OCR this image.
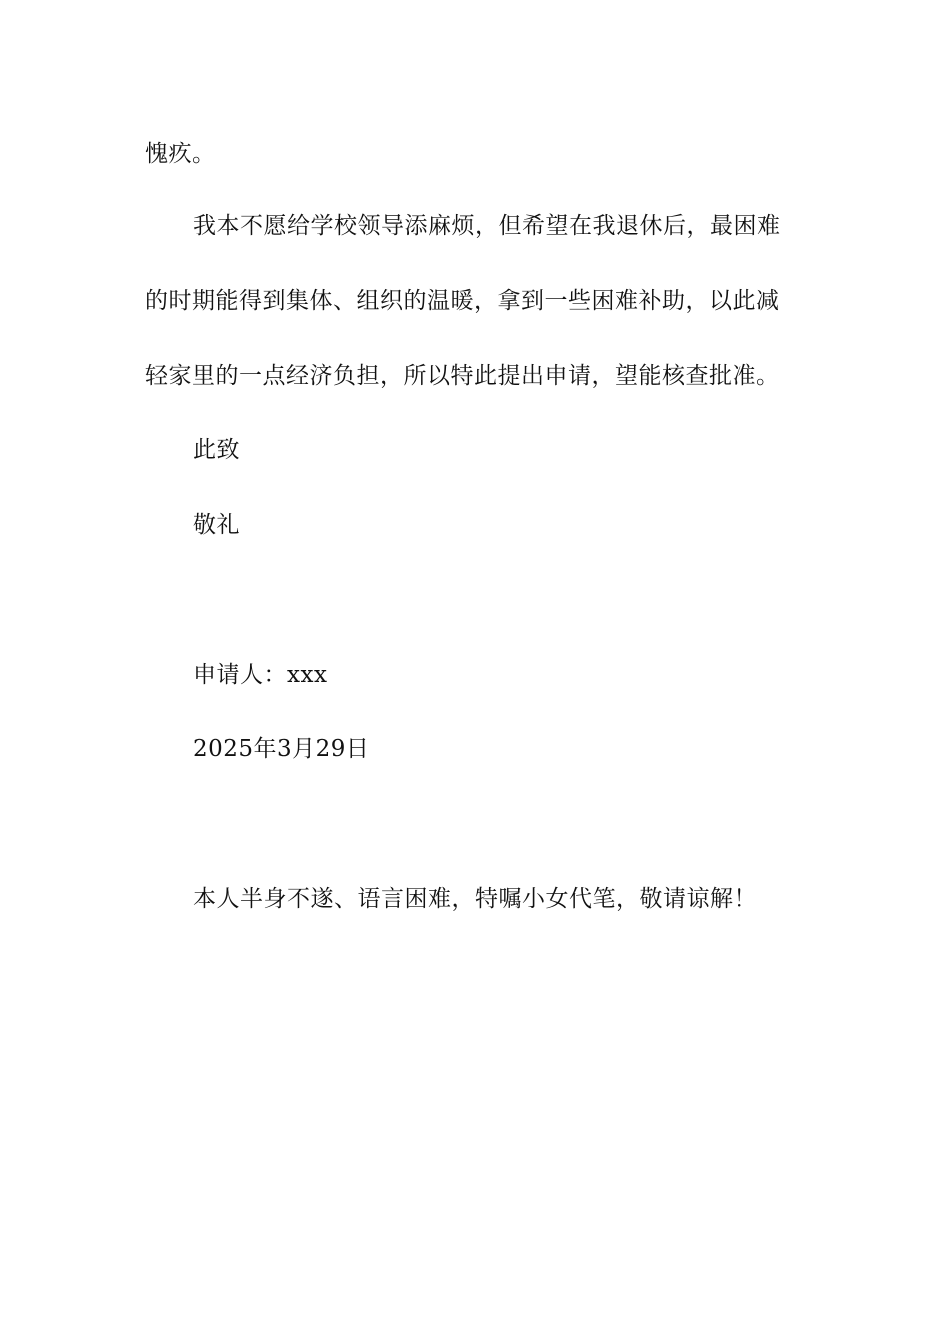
愧疚。
我本不愿给学校领导添麻烦，但希望在我退休后，最困难
的时期能得到集体、组织的温暖，拿到一些困难补助，以此减
轻家里的一点经济负担，所以特此提出申请，望能核查批准。
此致
敬礼
申请人：xxx
2025年3月29日
本人半身不遂、语言困难，特嘱小女代笔，敬请谅解！
